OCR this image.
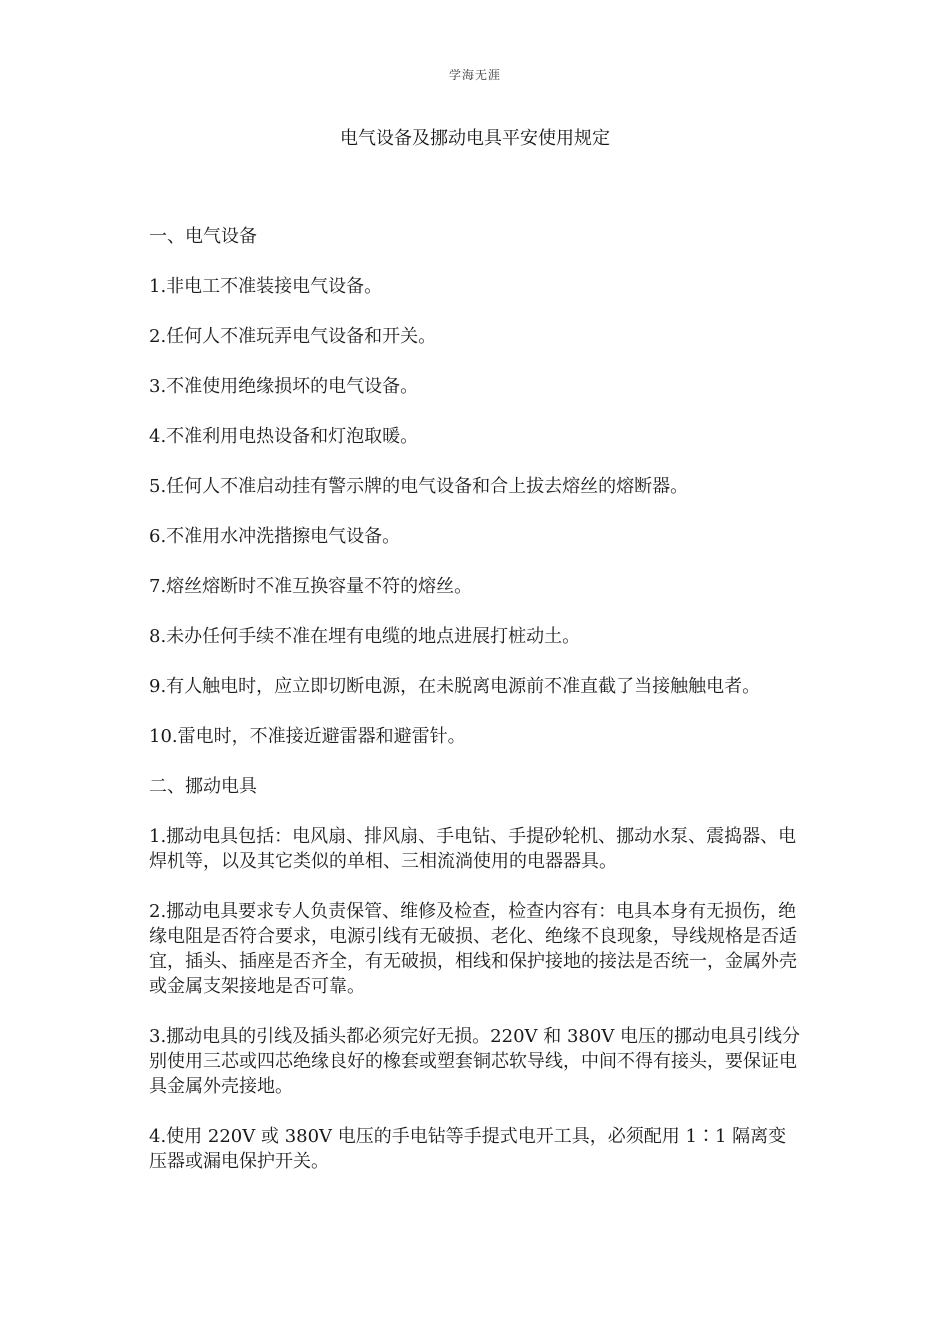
学海无涯
电气设备及挪动电具平安使用规定

一、电气设备

1.非电工不准装接电气设备。

2.任何人不准玩弄电气设备和开关。

3.不准使用绝缘损坏的电气设备。

4.不准利用电热设备和灯泡取暖。

5.任何人不准启动挂有警示牌的电气设备和合上拔去熔丝的熔断器。

6.不准用水冲洗揩擦电气设备。

7.熔丝熔断时不准互换容量不符的熔丝。

8.未办任何手续不准在埋有电缆的地点进展打桩动土。

9.有人触电时，应立即切断电源，在未脱离电源前不准直截了当接触触电者。

10.雷电时，不准接近避雷器和避雷针。

二、挪动电具

1.挪动电具包括：电风扇、排风扇、手电钻、手提砂轮机、挪动水泵、震捣器、电焊机等，以及其它类似的单相、三相流淌使用的电器器具。

2.挪动电具要求专人负责保管、维修及检查，检查内容有：电具本身有无损伤，绝缘电阻是否符合要求，电源引线有无破损、老化、绝缘不良现象，导线规格是否适宜，插头、插座是否齐全，有无破损，相线和保护接地的接法是否统一，金属外壳或金属支架接地是否可靠。

3.挪动电具的引线及插头都必须完好无损。220V 和 380V 电压的挪动电具引线分别使用三芯或四芯绝缘良好的橡套或塑套铜芯软导线，中间不得有接头，要保证电具金属外壳接地。

4.使用 220V 或 380V 电压的手电钻等手提式电开工具，必须配用 1∶1 隔离变压器或漏电保护开关。
